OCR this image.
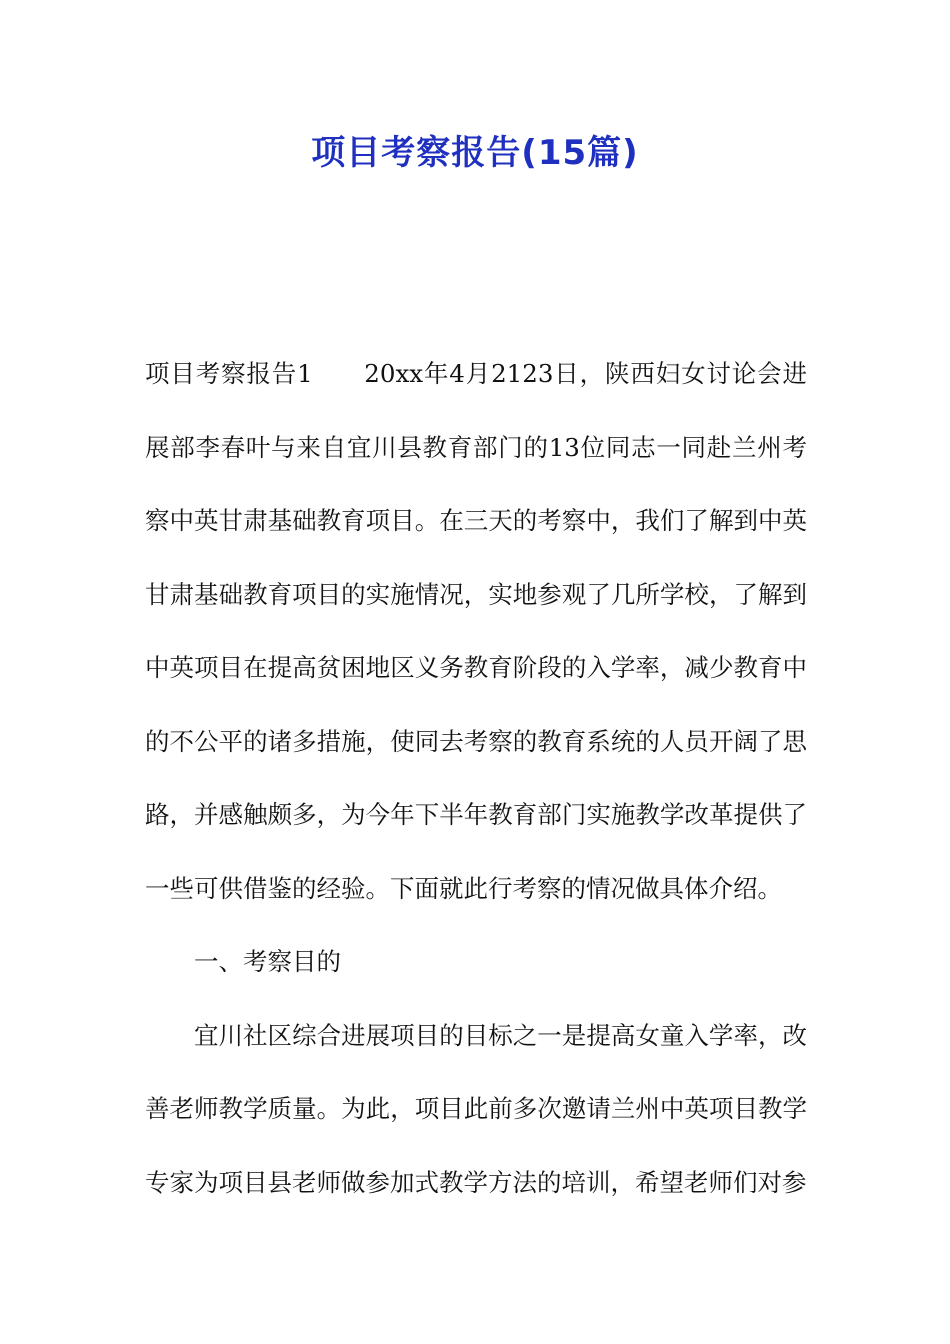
项目考察报告(15篇)

项目考察报告1　　20xx年4月2123日，陕西妇女讨论会进展部李春叶与来自宜川县教育部门的13位同志一同赴兰州考察中英甘肃基础教育项目。在三天的考察中，我们了解到中英甘肃基础教育项目的实施情况，实地参观了几所学校，了解到中英项目在提高贫困地区义务教育阶段的入学率，减少教育中的不公平的诸多措施，使同去考察的教育系统的人员开阔了思路，并感触颇多，为今年下半年教育部门实施教学改革提供了一些可供借鉴的经验。下面就此行考察的情况做具体介绍。

一、考察目的

宜川社区综合进展项目的目标之一是提高女童入学率，改善老师教学质量。为此，项目此前多次邀请兰州中英项目教学专家为项目县老师做参加式教学方法的培训，希望老师们对参
